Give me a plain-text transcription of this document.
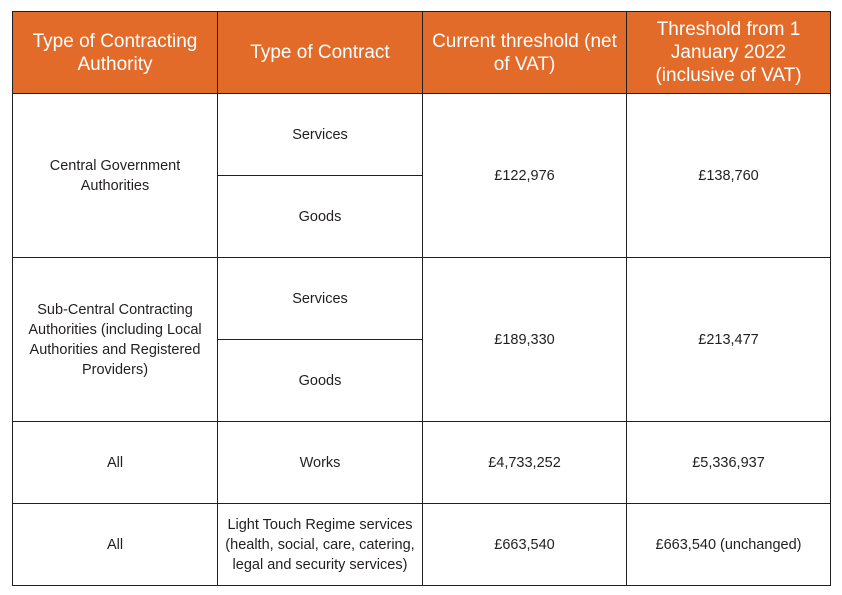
Type of Contracting Authority	Type of Contract	Current threshold (net of VAT)	Threshold from 1 January 2022 (inclusive of VAT)
Central Government Authorities	Services	£122,976	£138,760
	Goods		
Sub-Central Contracting Authorities (including Local Authorities and Registered Providers)	Services	£189,330	£213,477
	Goods		
All	Works	£4,733,252	£5,336,937
All	Light Touch Regime services (health, social, care, catering, legal and security services)	£663,540	£663,540 (unchanged)
